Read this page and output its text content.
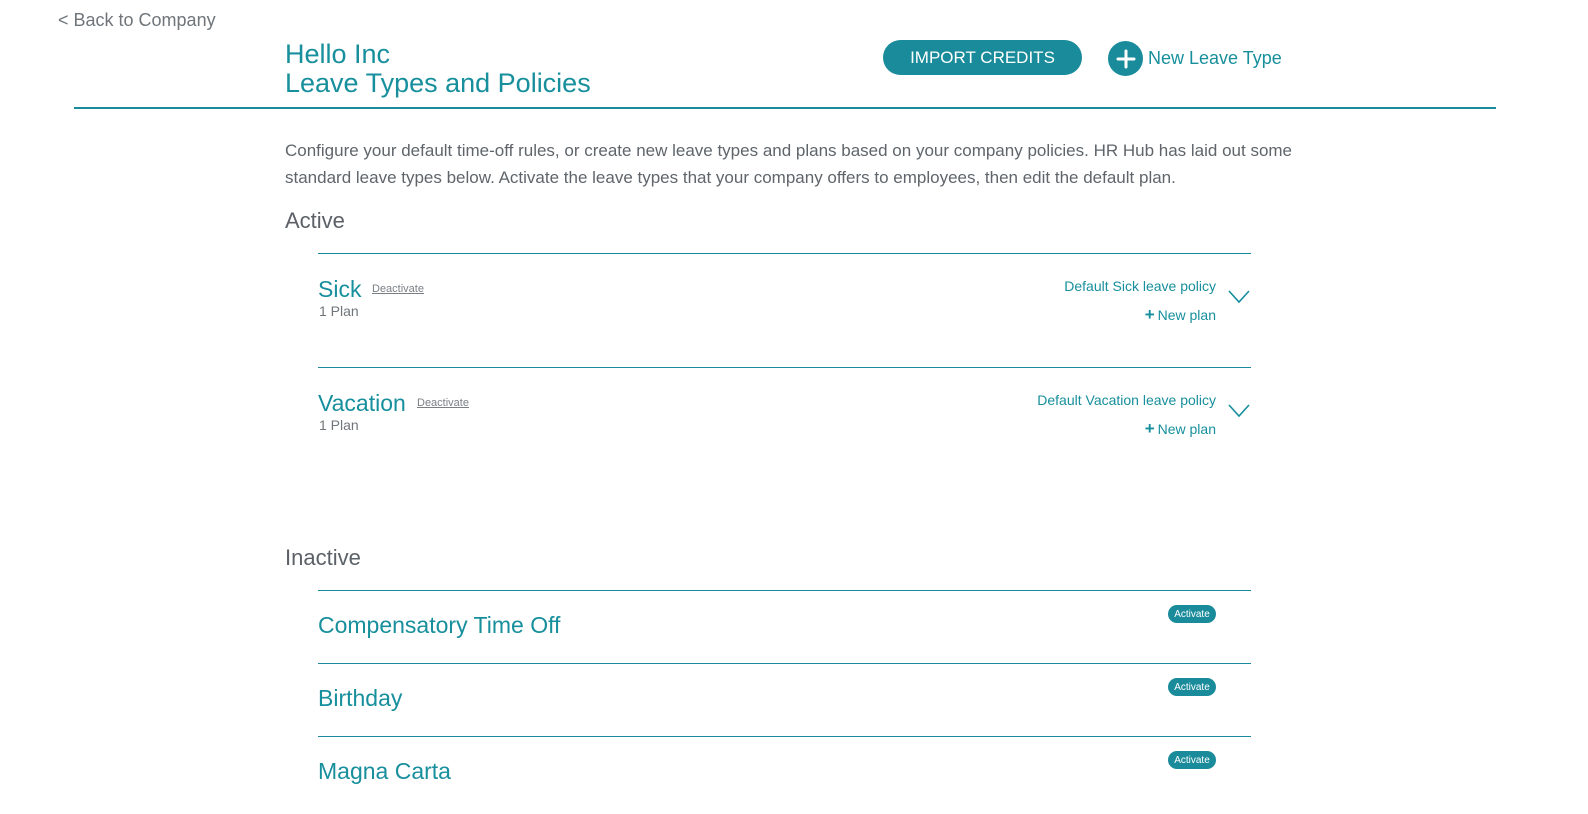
< Back to Company
Hello Inc
Leave Types and Policies
IMPORT CREDITS	New Leave Type

Configure your default time-off rules, or create new leave types and plans based on your company policies. HR Hub has laid out some standard leave types below. Activate the leave types that your company offers to employees, then edit the default plan.

Active
Sick Deactivate
1 Plan
Default Sick leave policy
+ New plan
Vacation Deactivate
1 Plan
Default Vacation leave policy
+ New plan
Inactive
Compensatory Time Off	Activate
Birthday	Activate
Magna Carta	Activate
